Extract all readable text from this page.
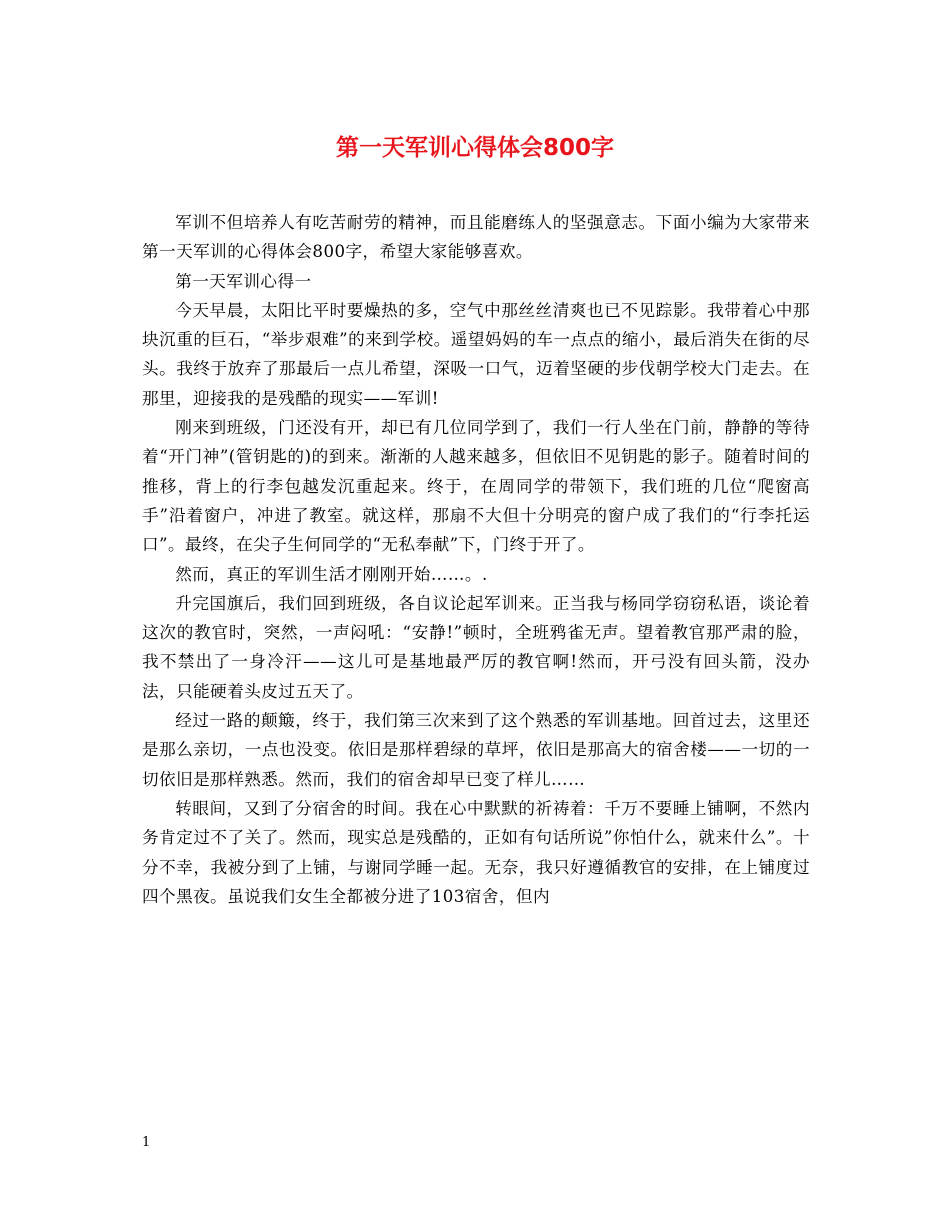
第一天军训心得体会800字

军训不但培养人有吃苦耐劳的精神，而且能磨练人的坚强意志。下面小编为大家带来第一天军训的心得体会800字，希望大家能够喜欢。

第一天军训心得一

今天早晨，太阳比平时要燥热的多，空气中那丝丝清爽也已不见踪影。我带着心中那块沉重的巨石，“举步艰难”的来到学校。遥望妈妈的车一点点的缩小，最后消失在街的尽头。我终于放弃了那最后一点儿希望，深吸一口气，迈着坚硬的步伐朝学校大门走去。在那里，迎接我的是残酷的现实——军训!

刚来到班级，门还没有开，却已有几位同学到了，我们一行人坐在门前，静静的等待着“开门神”(管钥匙的)的到来。渐渐的人越来越多，但依旧不见钥匙的影子。随着时间的推移，背上的行李包越发沉重起来。终于，在周同学的带领下，我们班的几位“爬窗高手”沿着窗户，冲进了教室。就这样，那扇不大但十分明亮的窗户成了我们的“行李托运口”。最终，在尖子生何同学的“无私奉献”下，门终于开了。

然而，真正的军训生活才刚刚开始……。.

升完国旗后，我们回到班级，各自议论起军训来。正当我与杨同学窃窃私语，谈论着这次的教官时，突然，一声闷吼：“安静!”顿时，全班鸦雀无声。望着教官那严肃的脸，我不禁出了一身冷汗——这儿可是基地最严厉的教官啊!然而，开弓没有回头箭，没办法，只能硬着头皮过五天了。

经过一路的颠簸，终于，我们第三次来到了这个熟悉的军训基地。回首过去，这里还是那么亲切，一点也没变。依旧是那样碧绿的草坪，依旧是那高大的宿舍楼——一切的一切依旧是那样熟悉。然而，我们的宿舍却早已变了样儿……

转眼间，又到了分宿舍的时间。我在心中默默的祈祷着：千万不要睡上铺啊，不然内务肯定过不了关了。然而，现实总是残酷的，正如有句话所说”你怕什么，就来什么”。十分不幸，我被分到了上铺，与谢同学睡一起。无奈，我只好遵循教官的安排，在上铺度过四个黑夜。虽说我们女生全都被分进了103宿舍，但内

1
